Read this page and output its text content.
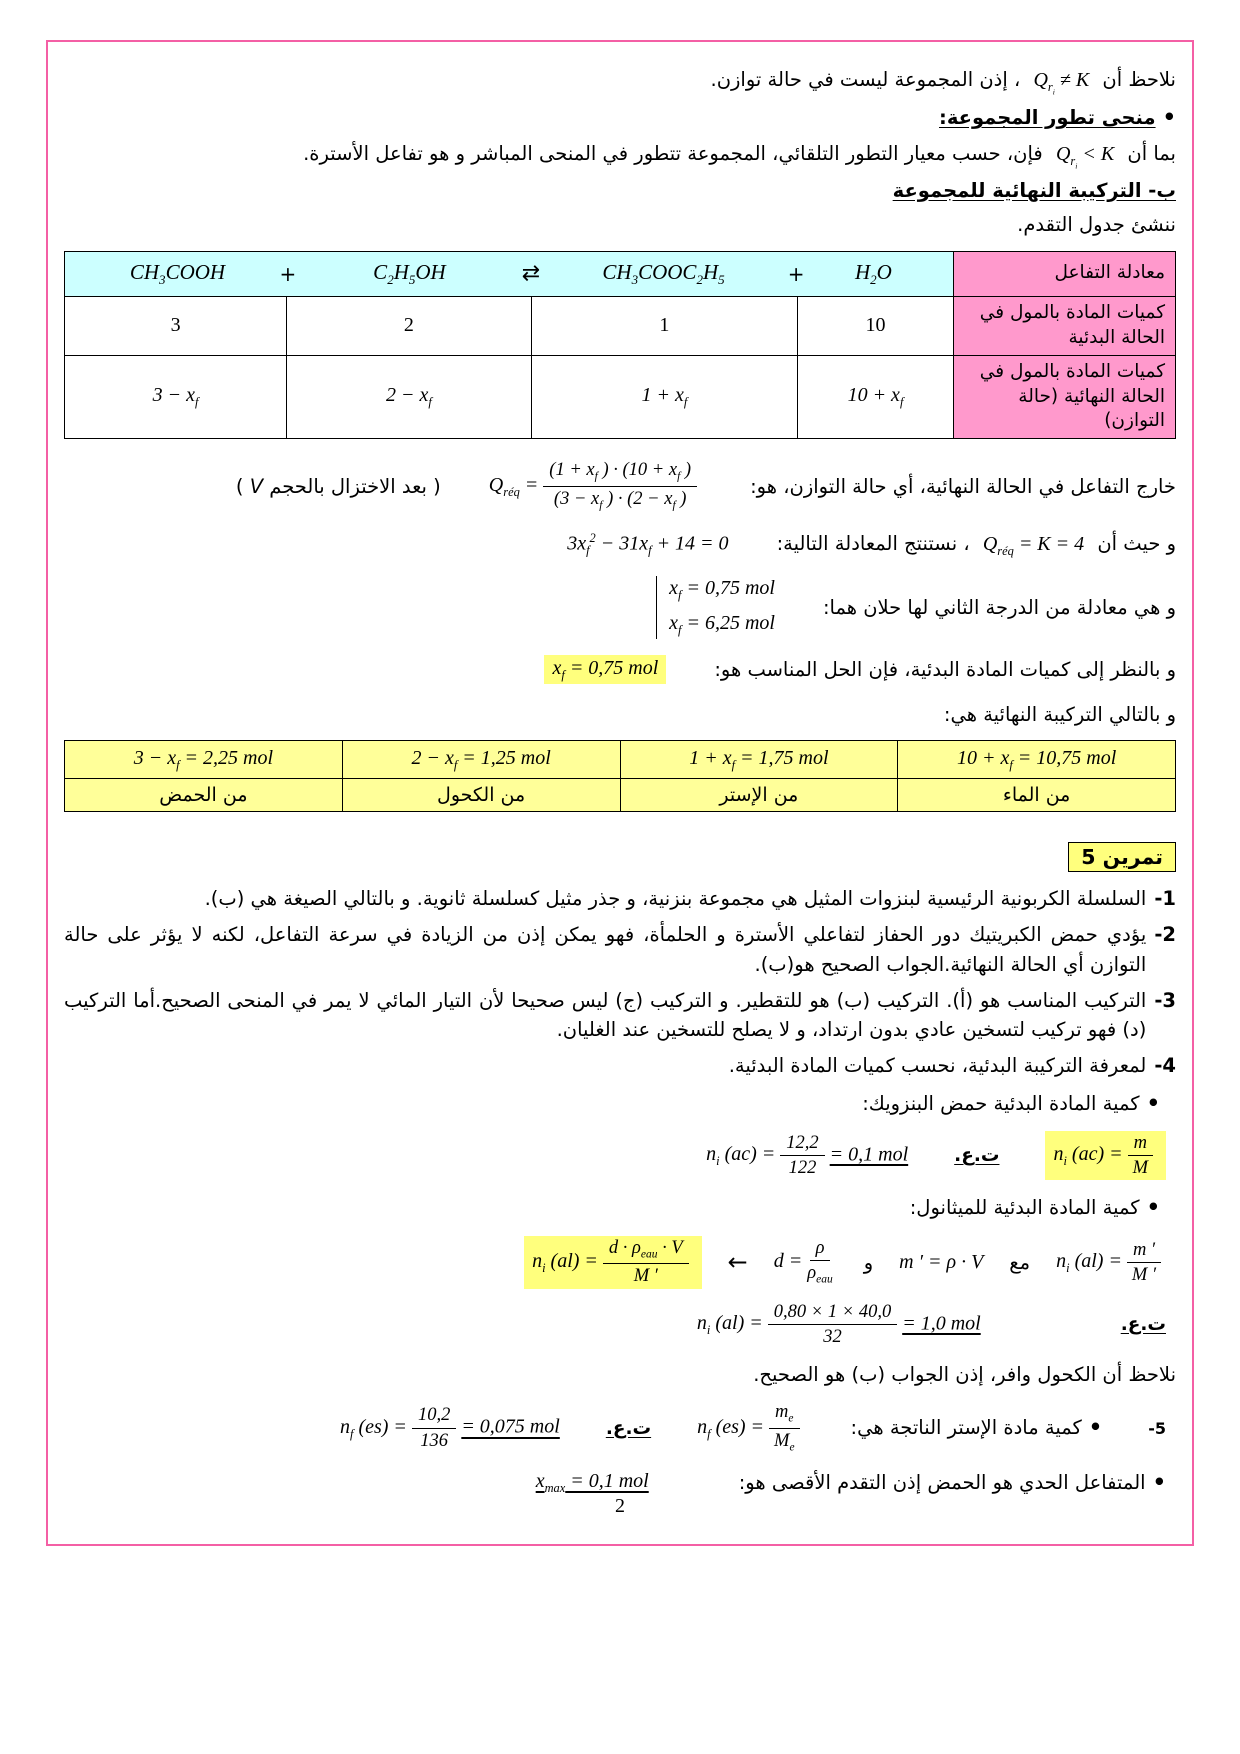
نلاحظ أن $Q_{r_i} \ne K$ ، إذن المجموعة ليست في حالة توازن.

• منحى تطور المجموعة:

بما أن $Q_{r_i} < K$ فإن، حسب معيار التطور التلقائي، المجموعة تتطور في المنحى المباشر و هو تفاعل الأسترة.

ب- التركيبة النهائية للمجموعة

ننشئ جدول التقدم.

$CH_3COOH$	+	$C_2H_5OH$	⇄	$CH_3COOC_2H_5$	+ $H_2O$	معادلة التفاعل
3	2	1	10	كميات المادة بالمول في الحالة البدئية
$3 - x_f$	$2 - x_f$	$1 + x_f$	$10 + x_f$	كميات المادة بالمول في الحالة النهائية (حالة التوازن)

خارج التفاعل في الحالة النهائية، أي حالة التوازن، هو:

$Q_{réq} = \frac{(1 + x_f ) \cdot (10 + x_f )}{(3 - x_f ) \cdot (2 - x_f )}$
( بعد الاختزال بالحجم V )

و حيث أن $Q_{réq} = K = 4$ ، نستنتج المعادلة التالية:

$3x_f^2 - 31x_f + 14 = 0$

و هي معادلة من الدرجة الثاني لها حلان هما:

$x_f = 0,75$ mol
$x_f = 6,25$ mol

و بالنظر إلى كميات المادة البدئية، فإن الحل المناسب هو:

$x_f = 0,75$ mol

و بالتالي التركيبة النهائية هي:

$3 - x_f = 2,25$ mol	$2 - x_f = 1,25$ mol	$1 + x_f = 1,75$ mol	$10 + x_f = 10,75$ mol
من الحمض	من الكحول	من الإستر	من الماء
تمرين 5
1-
السلسلة الكربونية الرئيسية لبنزوات المثيل هي مجموعة بنزنية، و جذر مثيل كسلسلة ثانوية. و بالتالي الصيغة هي (ب).
2-
يؤدي حمض الكبريتيك دور الحفاز لتفاعلي الأسترة و الحلمأة، فهو يمكن إذن من الزيادة في سرعة التفاعل، لكنه لا يؤثر على حالة التوازن أي الحالة النهائية.الجواب الصحيح هو(ب).
3-
التركيب المناسب هو (أ). التركيب (ب) هو للتقطير. و التركيب (ج) ليس صحيحا لأن التيار المائي لا يمر في المنحى الصحيح.أما التركيب (د) فهو تركيب لتسخين عادي بدون ارتداد، و لا يصلح للتسخين عند الغليان.
4-
لمعرفة التركيبة البدئية، نحسب كميات المادة البدئية.

• كمية المادة البدئية حمض البنزويك:

$n_i$ $(ac) = \frac{m}{M}$
ت.ع.
$n_i$ $(ac) = \frac{12,2}{122} = 0,1$ mol

• كمية المادة البدئية للميثانول:

$n_i$ $(al) = \frac{m '}{M '}$
مع
m ′ = ρ · V
و
$d = \frac{\rho}{\rho_{eau}}$
←
$n_i$ $(al) = \frac{d \cdot \rho_{eau} \cdot V}{M '}$
ت.ع.
$n_i$ $(al) = \frac{0,80 \times 1 \times 40,0}{32} = 1,0$ mol

نلاحظ أن الكحول وافر، إذن الجواب (ب) هو الصحيح.

5-
• كمية مادة الإستر الناتجة هي:
$n_f$ $(es) = \frac{m_e}{M_e}$
ت.ع.
$n_f$ $(es) = \frac{10,2}{136} = 0,075$ mol
• المتفاعل الحدي هو الحمض إذن التقدم الأقصى هو:
$x_{max} = 0,1$ mol
2
